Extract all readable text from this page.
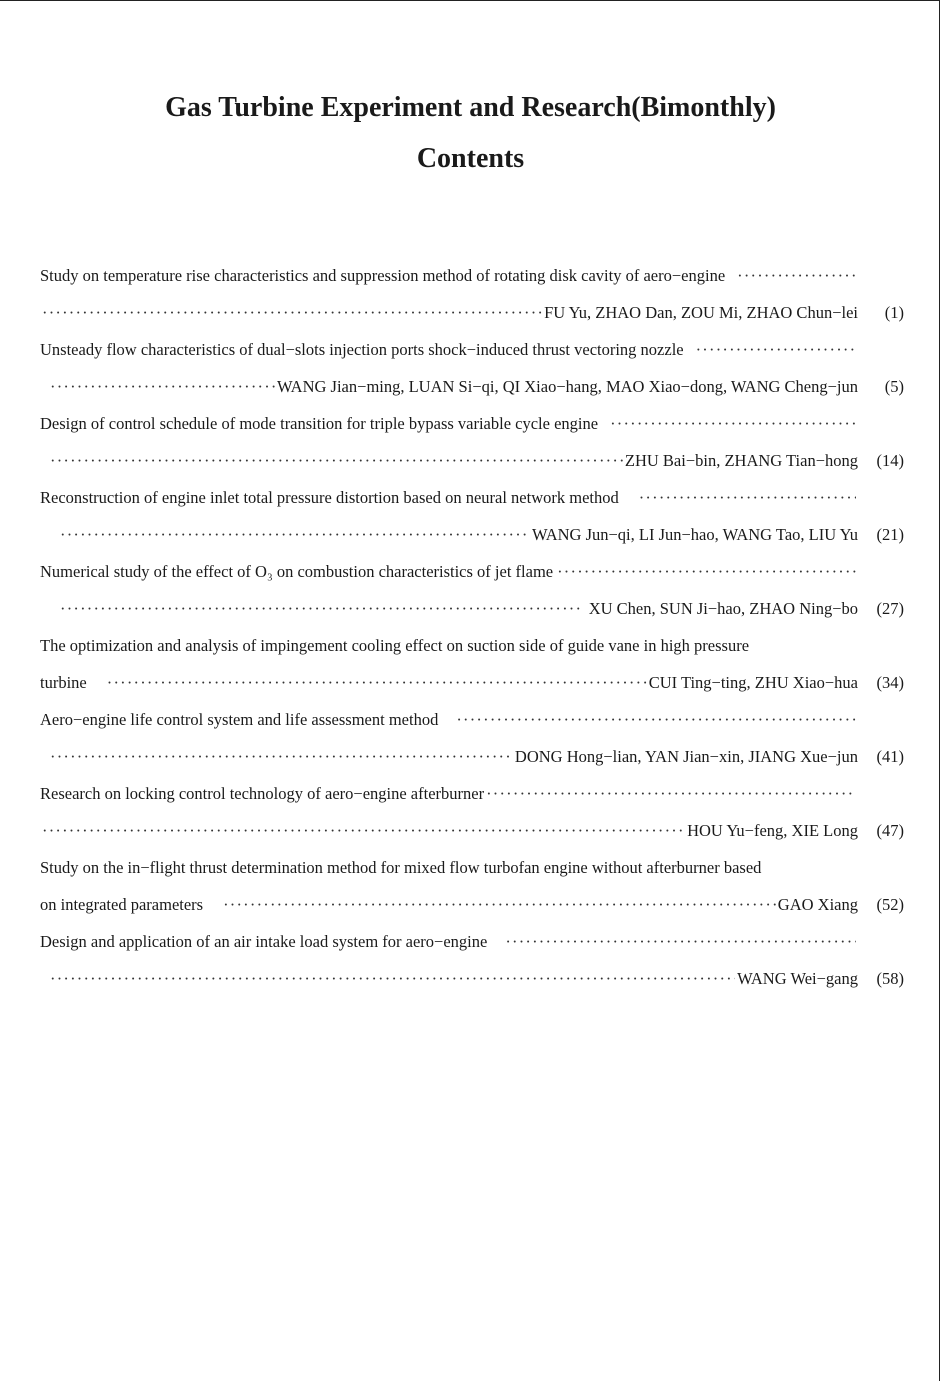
Gas Turbine Experiment and Research(Bimonthly)
Contents
Study on temperature rise characteristics and suppression method of rotating disk cavity of aero−engine
·····
·····
FU Yu, ZHAO Dan, ZOU Mi, ZHAO Chun−lei	(1)
Unsteady flow characteristics of dual−slots injection ports shock−induced thrust vectoring nozzle
·····
·····
WANG Jian−ming, LUAN Si−qi, QI Xiao−hang, MAO Xiao−dong, WANG Cheng−jun	(5)
Design of control schedule of mode transition for triple bypass variable cycle engine
·····
·····
ZHU Bai−bin, ZHANG Tian−hong	(14)
Reconstruction of engine inlet total pressure distortion based on neural network method
·····
·····
WANG Jun−qi, LI Jun−hao, WANG Tao, LIU Yu	(21)
Numerical study of the effect of O₃ on combustion characteristics of jet flame
·····
·····
XU Chen, SUN Ji−hao, ZHAO Ning−bo	(27)
The optimization and analysis of impingement cooling effect on suction side of guide vane in high pressure
turbine ·····	CUI Ting−ting, ZHU Xiao−hua	(34)
Aero−engine life control system and life assessment method
·····
·····
DONG Hong−lian, YAN Jian−xin, JIANG Xue−jun	(41)
Research on locking control technology of aero−engine afterburner
·····
·····
HOU Yu−feng, XIE Long	(47)
Study on the in−flight thrust determination method for mixed flow turbofan engine without afterburner based
on integrated parameters ·····	GAO Xiang	(52)
Design and application of an air intake load system for aero−engine
·····
·····
WANG Wei−gang	(58)
